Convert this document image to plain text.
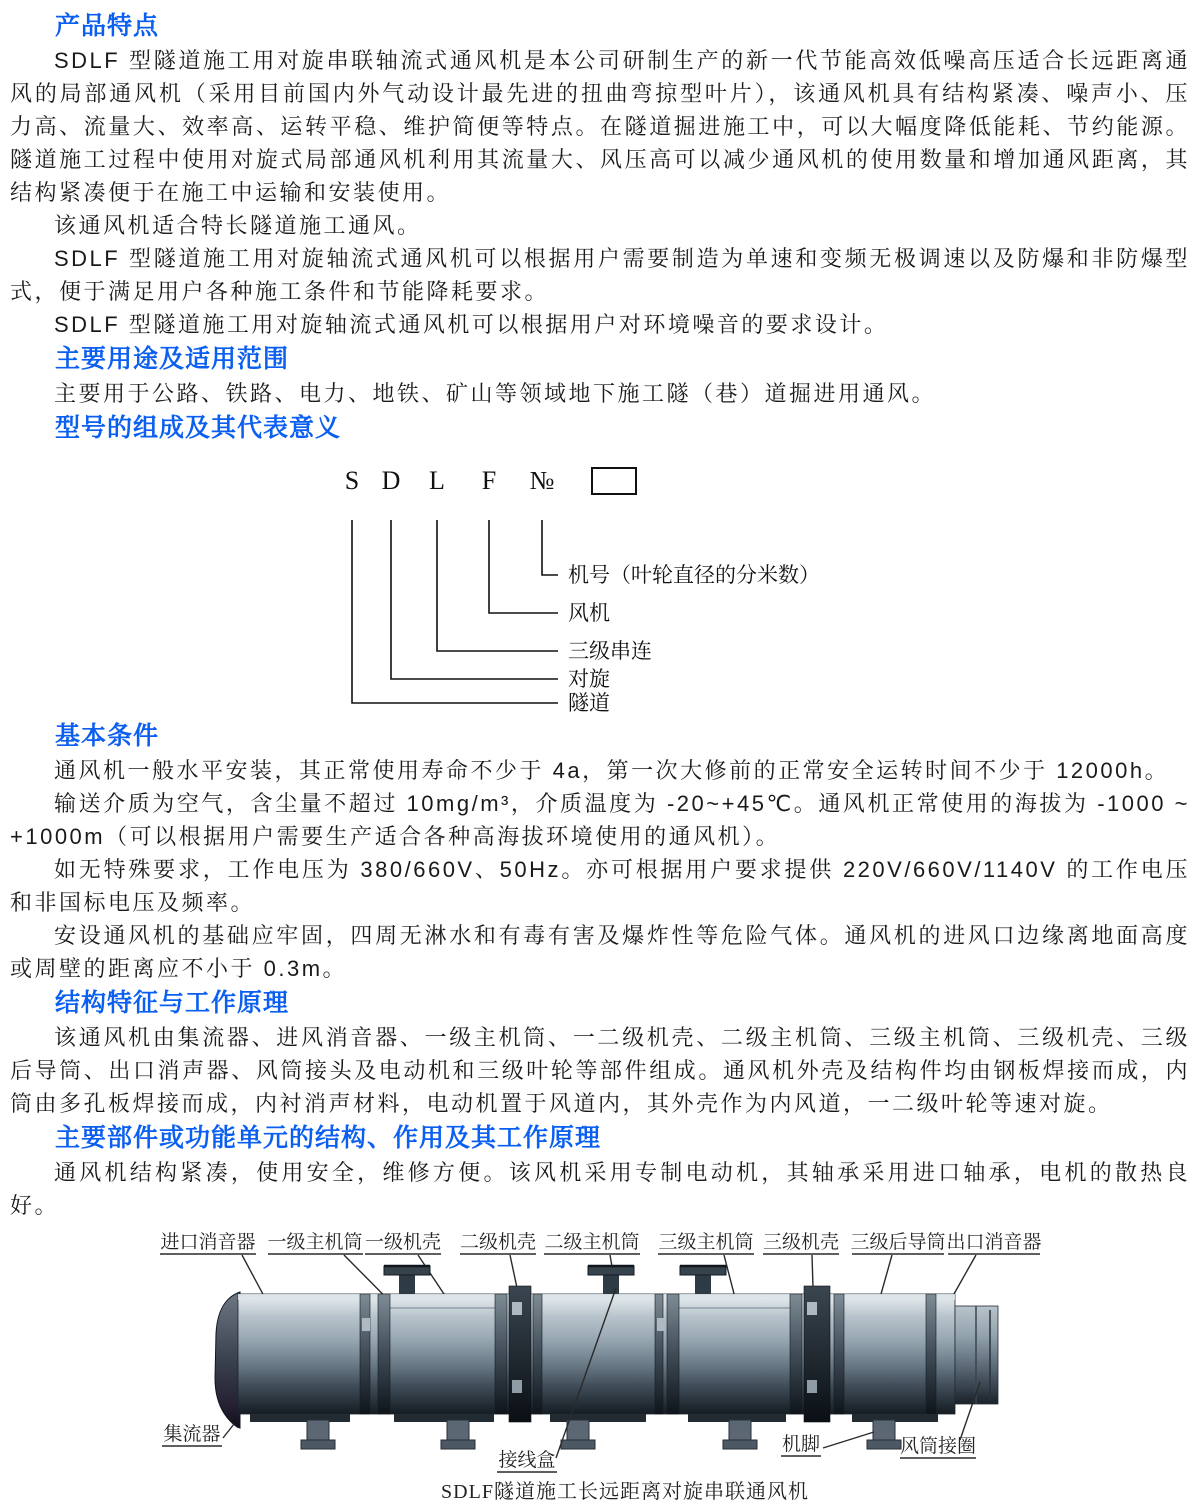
产品特点

SDLF 型隧道施工用对旋串联轴流式通风机是本公司研制生产的新一代节能高效低噪高压适合长远距离通风的局部通风机（采用目前国内外气动设计最先进的扭曲弯掠型叶片），该通风机具有结构紧凑、噪声小、压力高、流量大、效率高、运转平稳、维护简便等特点。在隧道掘进施工中，可以大幅度降低能耗、节约能源。隧道施工过程中使用对旋式局部通风机利用其流量大、风压高可以减少通风机的使用数量和增加通风距离，其结构紧凑便于在施工中运输和安装使用。

该通风机适合特长隧道施工通风。

SDLF 型隧道施工用对旋轴流式通风机可以根据用户需要制造为单速和变频无极调速以及防爆和非防爆型式，便于满足用户各种施工条件和节能降耗要求。

SDLF 型隧道施工用对旋轴流式通风机可以根据用户对环境噪音的要求设计。

主要用途及适用范围

主要用于公路、铁路、电力、地铁、矿山等领域地下施工隧（巷）道掘进用通风。

型号的组成及其代表意义
S D L F №
机号（叶轮直径的分米数）
风机
三级串连
对旋
隧道
基本条件

通风机一般水平安装，其正常使用寿命不少于 4a，第一次大修前的正常安全运转时间不少于 12000h。

输送介质为空气，含尘量不超过 10mg/m³，介质温度为 -20~+45℃。通风机正常使用的海拔为 -1000 ~ +1000m（可以根据用户需要生产适合各种高海拔环境使用的通风机）。

如无特殊要求，工作电压为 380/660V、50Hz。亦可根据用户要求提供 220V/660V/1140V 的工作电压和非国标电压及频率。

安设通风机的基础应牢固，四周无淋水和有毒有害及爆炸性等危险气体。通风机的进风口边缘离地面高度或周壁的距离应不小于 0.3m。

结构特征与工作原理

该通风机由集流器、进风消音器、一级主机筒、一二级机壳、二级主机筒、三级主机筒、三级机壳、三级后导筒、出口消声器、风筒接头及电动机和三级叶轮等部件组成。通风机外壳及结构件均由钢板焊接而成，内筒由多孔板焊接而成，内衬消声材料，电动机置于风道内，其外壳作为内风道，一二级叶轮等速对旋。

主要部件或功能单元的结构、作用及其工作原理

通风机结构紧凑，使用安全，维修方便。该风机采用专制电动机，其轴承采用进口轴承，电机的散热良好。

进口消音器 一级主机筒 一级机壳 二级机壳 二级主机筒 三级主机筒 三级机壳 三级后导筒 出口消音器
集流器
接线盒
机脚	风筒接圈
SDLF隧道施工长远距离对旋串联通风机
